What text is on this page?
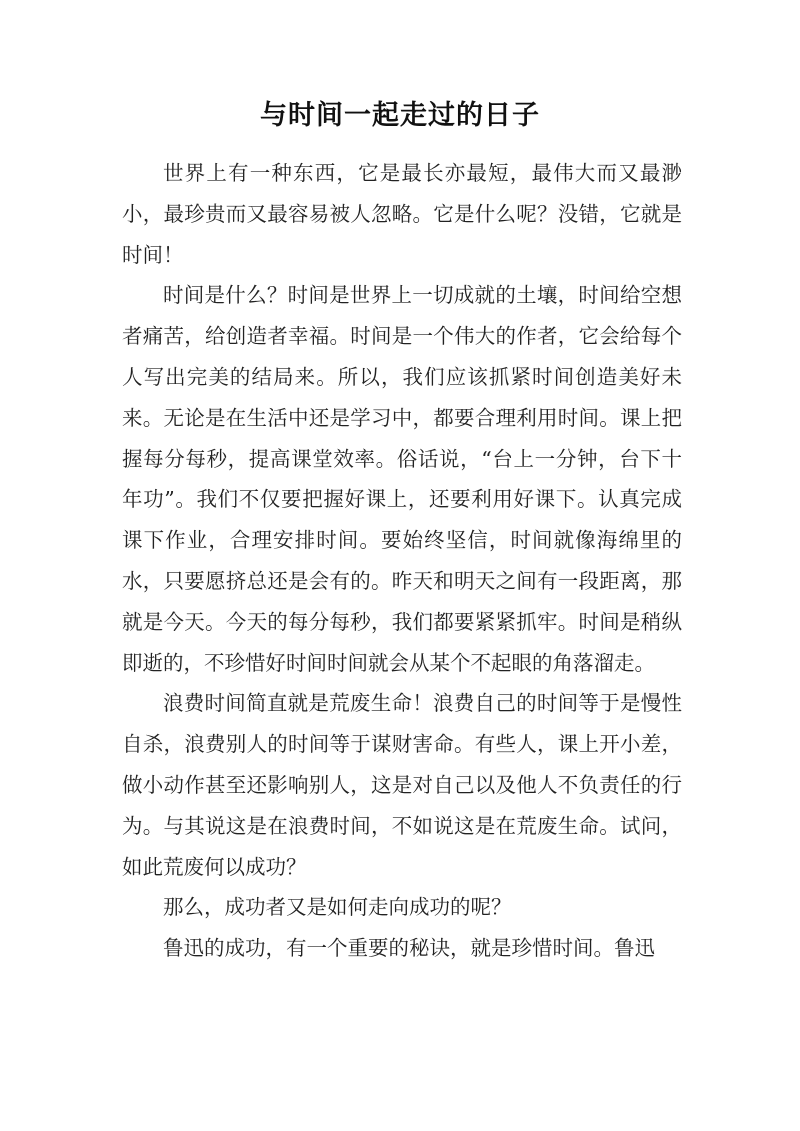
与时间一起走过的日子

世界上有一种东西，它是最长亦最短，最伟大而又最渺小，最珍贵而又最容易被人忽略。它是什么呢？没错，它就是时间！

时间是什么？时间是世界上一切成就的土壤，时间给空想者痛苦，给创造者幸福。时间是一个伟大的作者，它会给每个人写出完美的结局来。所以，我们应该抓紧时间创造美好未来。无论是在生活中还是学习中，都要合理利用时间。课上把握每分每秒，提高课堂效率。俗话说，“台上一分钟，台下十年功”。我们不仅要把握好课上，还要利用好课下。认真完成课下作业，合理安排时间。要始终坚信，时间就像海绵里的水，只要愿挤总还是会有的。昨天和明天之间有一段距离，那就是今天。今天的每分每秒，我们都要紧紧抓牢。时间是稍纵即逝的，不珍惜好时间时间就会从某个不起眼的角落溜走。

浪费时间简直就是荒废生命！浪费自己的时间等于是慢性自杀，浪费别人的时间等于谋财害命。有些人，课上开小差，做小动作甚至还影响别人，这是对自己以及他人不负责任的行为。与其说这是在浪费时间，不如说这是在荒废生命。试问，如此荒废何以成功？

那么，成功者又是如何走向成功的呢？

鲁迅的成功，有一个重要的秘诀，就是珍惜时间。鲁迅
